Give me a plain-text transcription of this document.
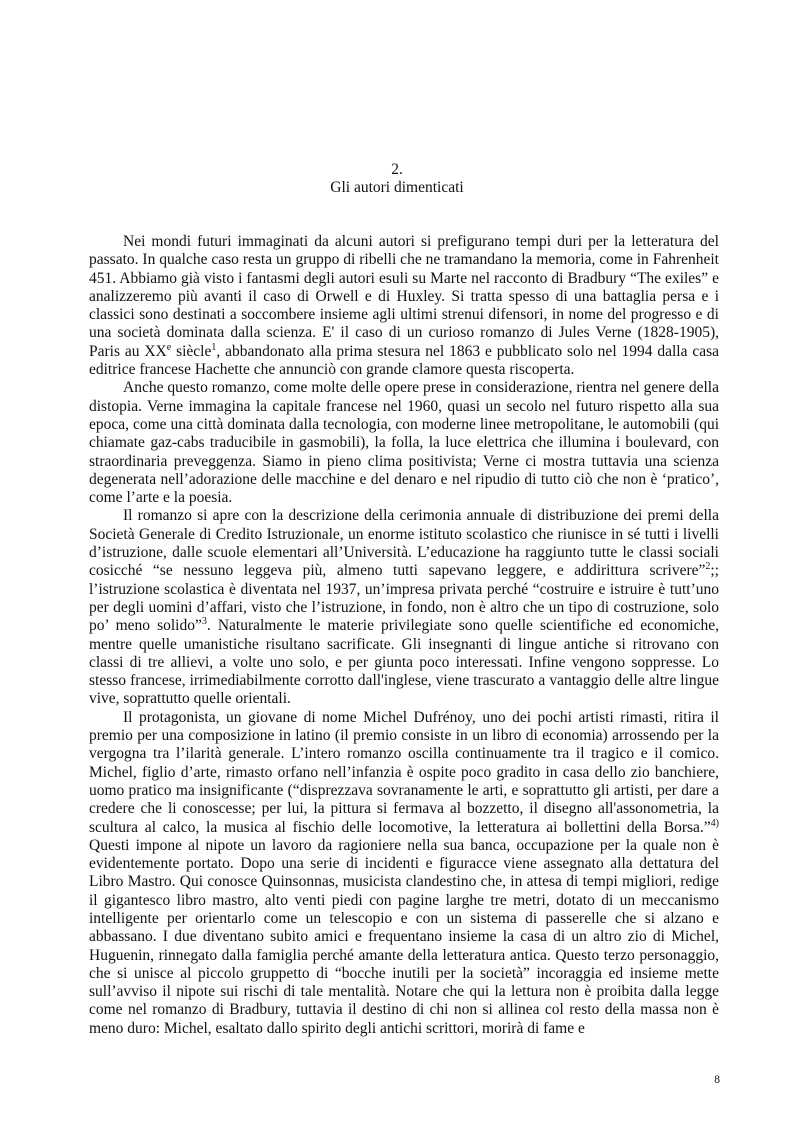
2.
Gli autori dimenticati

Nei mondi futuri immaginati da alcuni autori si prefigurano tempi duri per la letteratura del passato. In qualche caso resta un gruppo di ribelli che ne tramandano la memoria, come in Fahrenheit 451. Abbiamo già visto i fantasmi degli autori esuli su Marte nel racconto di Bradbury “The exiles” e analizzeremo più avanti il caso di Orwell e di Huxley. Si tratta spesso di una battaglia persa e i classici sono destinati a soccombere insieme agli ultimi strenui difensori, in nome del progresso e di una società dominata dalla scienza. E' il caso di un curioso romanzo di Jules Verne (1828-1905), Paris au XXe siècle$^1$, abbandonato alla prima stesura nel 1863 e pubblicato solo nel 1994 dalla casa editrice francese Hachette che annunciò con grande clamore questa riscoperta.

Anche questo romanzo, come molte delle opere prese in considerazione, rientra nel genere della distopia. Verne immagina la capitale francese nel 1960, quasi un secolo nel futuro rispetto alla sua epoca, come una città dominata dalla tecnologia, con moderne linee metropolitane, le automobili (qui chiamate gaz-cabs traducibile in gasmobili), la folla, la luce elettrica che illumina i boulevard, con straordinaria preveggenza. Siamo in pieno clima positivista; Verne ci mostra tuttavia una scienza degenerata nell’adorazione delle macchine e del denaro e nel ripudio di tutto ciò che non è ‘pratico’, come l’arte e la poesia.

Il romanzo si apre con la descrizione della cerimonia annuale di distribuzione dei premi della Società Generale di Credito Istruzionale, un enorme istituto scolastico che riunisce in sé tutti i livelli d’istruzione, dalle scuole elementari all’Università. L’educazione ha raggiunto tutte le classi sociali cosicché “se nessuno leggeva più, almeno tutti sapevano leggere, e addirittura scrivere”$^2$;; l’istruzione scolastica è diventata nel 1937, un’impresa privata perché “costruire e istruire è tutt’uno per degli uomini d’affari, visto che l’istruzione, in fondo, non è altro che un tipo di costruzione, solo po’ meno solido”$^3$. Naturalmente le materie privilegiate sono quelle scientifiche ed economiche, mentre quelle umanistiche risultano sacrificate. Gli insegnanti di lingue antiche si ritrovano con classi di tre allievi, a volte uno solo, e per giunta poco interessati. Infine vengono soppresse. Lo stesso francese, irrimediabilmente corrotto dall'inglese, viene trascurato a vantaggio delle altre lingue vive, soprattutto quelle orientali.

Il protagonista, un giovane di nome Michel Dufrénoy, uno dei pochi artisti rimasti, ritira il premio per una composizione in latino (il premio consiste in un libro di economia) arrossendo per la vergogna tra l’ilarità generale. L’intero romanzo oscilla continuamente tra il tragico e il comico. Michel, figlio d’arte, rimasto orfano nell’infanzia è ospite poco gradito in casa dello zio banchiere, uomo pratico ma insignificante (“disprezzava sovranamente le arti, e soprattutto gli artisti, per dare a credere che li conoscesse; per lui, la pittura si fermava al bozzetto, il disegno all'assonometria, la scultura al calco, la musica al fischio delle locomotive, la letteratura ai bollettini della Borsa.”$^{4)}$ Questi impone al nipote un lavoro da ragioniere nella sua banca, occupazione per la quale non è evidentemente portato. Dopo una serie di incidenti e figuracce viene assegnato alla dettatura del Libro Mastro. Qui conosce Quinsonnas, musicista clandestino che, in attesa di tempi migliori, redige il gigantesco libro mastro, alto venti piedi con pagine larghe tre metri, dotato di un meccanismo intelligente per orientarlo come un telescopio e con un sistema di passerelle che si alzano e abbassano. I due diventano subito amici e frequentano insieme la casa di un altro zio di Michel, Huguenin, rinnegato dalla famiglia perché amante della letteratura antica. Questo terzo personaggio, che si unisce al piccolo gruppetto di “bocche inutili per la società” incoraggia ed insieme mette sull’avviso il nipote sui rischi di tale mentalità. Notare che qui la lettura non è proibita dalla legge come nel romanzo di Bradbury, tuttavia il destino di chi non si allinea col resto della massa non è meno duro: Michel, esaltato dallo spirito degli antichi scrittori, morirà di fame e

8
